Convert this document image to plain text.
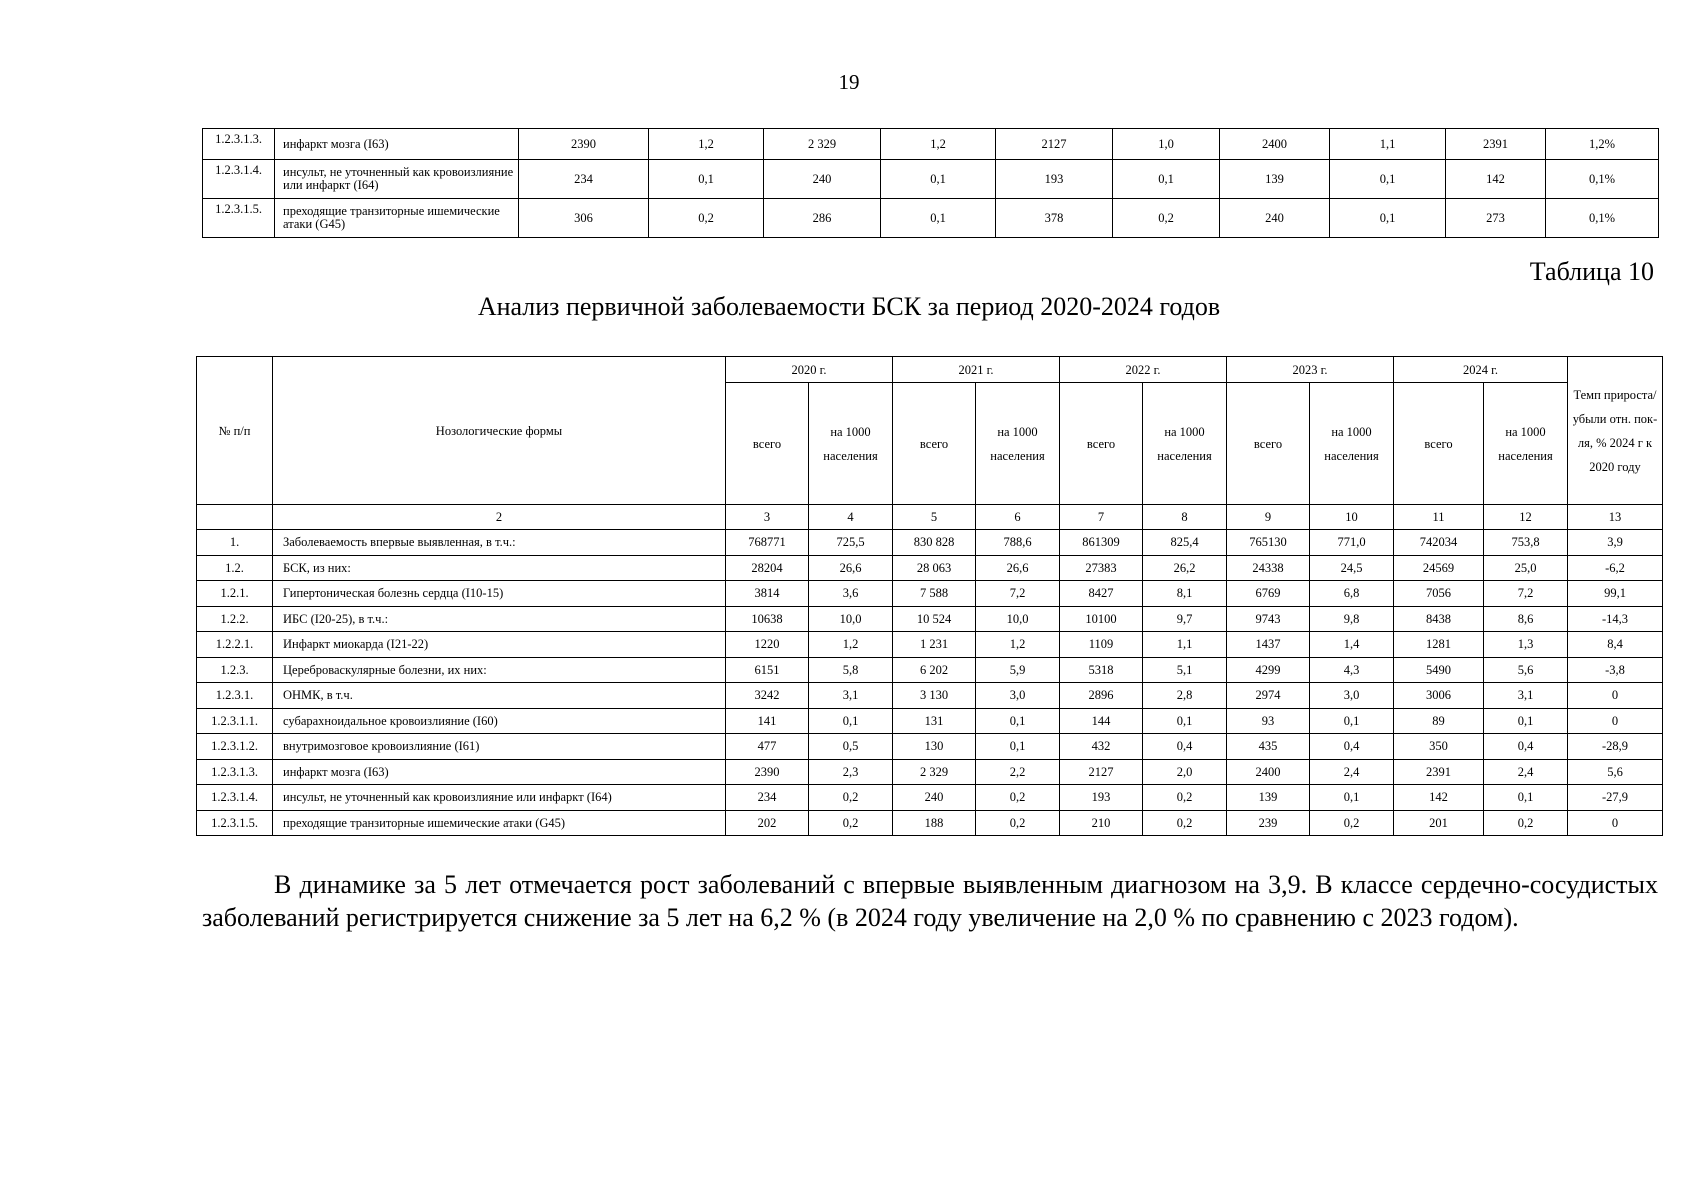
19
1.2.3.1.3.	инфаркт мозга (I63)	2390	1,2	2 329	1,2	2127	1,0	2400	1,1	2391	1,2%
1.2.3.1.4.	инсульт, не уточненный как кровоизлияние или инфаркт (I64)	234	0,1	240	0,1	193	0,1	139	0,1	142	0,1%
1.2.3.1.5.	преходящие транзиторные ишемические атаки (G45)	306	0,2	286	0,1	378	0,2	240	0,1	273	0,1%
Таблица 10
Анализ первичной заболеваемости БСК за период 2020-2024 годов
№ п/п	Нозологические формы	2020 г.		2021 г.		2022 г.		2023 г.		2024 г.		Темп прироста/ убыли отн. пок-ля, % 2024 г к 2020 году
		всего	на 1000 населения	всего	на 1000 населения	всего	на 1000 населения	всего	на 1000 населения	всего	на 1000 населения	
	2	3	4	5	6	7	8	9	10	11	12	13
1.	Заболеваемость впервые выявленная, в т.ч.:	768771	725,5	830 828	788,6	861309	825,4	765130	771,0	742034	753,8	3,9
1.2.	БСК, из них:	28204	26,6	28 063	26,6	27383	26,2	24338	24,5	24569	25,0	-6,2
1.2.1.	Гипертоническая болезнь сердца (I10-15)	3814	3,6	7 588	7,2	8427	8,1	6769	6,8	7056	7,2	99,1
1.2.2.	ИБС (I20-25), в т.ч.:	10638	10,0	10 524	10,0	10100	9,7	9743	9,8	8438	8,6	-14,3
1.2.2.1.	Инфаркт миокарда (I21-22)	1220	1,2	1 231	1,2	1109	1,1	1437	1,4	1281	1,3	8,4
1.2.3.	Цереброваскулярные болезни, их них:	6151	5,8	6 202	5,9	5318	5,1	4299	4,3	5490	5,6	-3,8
1.2.3.1.	ОНМК, в т.ч.	3242	3,1	3 130	3,0	2896	2,8	2974	3,0	3006	3,1	0
1.2.3.1.1.	субарахноидальное кровоизлияние (I60)	141	0,1	131	0,1	144	0,1	93	0,1	89	0,1	0
1.2.3.1.2.	внутримозговое кровоизлияние (I61)	477	0,5	130	0,1	432	0,4	435	0,4	350	0,4	-28,9
1.2.3.1.3.	инфаркт мозга (I63)	2390	2,3	2 329	2,2	2127	2,0	2400	2,4	2391	2,4	5,6
1.2.3.1.4.	инсульт, не уточненный как кровоизлияние или инфаркт (I64)	234	0,2	240	0,2	193	0,2	139	0,1	142	0,1	-27,9
1.2.3.1.5.	преходящие транзиторные ишемические атаки (G45)	202	0,2	188	0,2	210	0,2	239	0,2	201	0,2	0
В динамике за 5 лет отмечается рост заболеваний с впервые выявленным диагнозом на 3,9. В классе сердечно-сосудистых заболеваний регистрируется снижение за 5 лет на 6,2 % (в 2024 году увеличение на 2,0 % по сравнению с 2023 годом).
